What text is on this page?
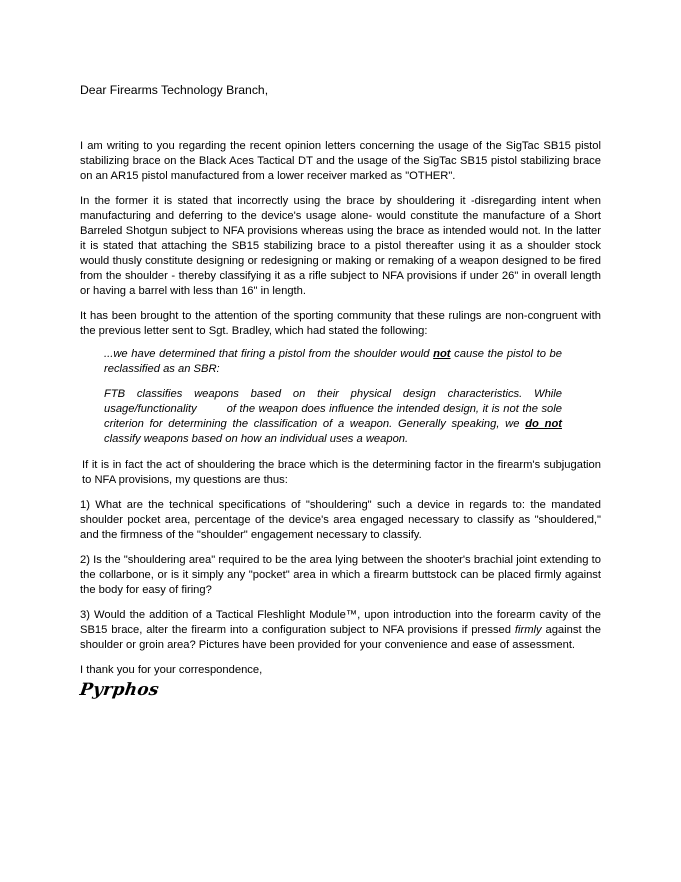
Dear Firearms Technology Branch,

I am writing to you regarding the recent opinion letters concerning the usage of the SigTac SB15 pistol stabilizing brace on the Black Aces Tactical DT and the usage of the SigTac SB15 pistol stabilizing brace on an AR15 pistol manufactured from a lower receiver marked as "OTHER".

In the former it is stated that incorrectly using the brace by shouldering it -disregarding intent when manufacturing and deferring to the device's usage alone- would constitute the manufacture of a Short Barreled Shotgun subject to NFA provisions whereas using the brace as intended would not. In the latter it is stated that attaching the SB15 stabilizing brace to a pistol thereafter using it as a shoulder stock would thusly constitute designing or redesigning or making or remaking of a weapon designed to be fired from the shoulder - thereby classifying it as a rifle subject to NFA provisions if under 26" in overall length or having a barrel with less than 16" in length.

It has been brought to the attention of the sporting community that these rulings are non-congruent with the previous letter sent to Sgt. Bradley, which had stated the following:

...we have determined that firing a pistol from the shoulder would not cause the pistol to be reclassified as an SBR:

FTB classifies weapons based on their physical design characteristics. While usage/functionality	of the weapon does influence the intended design, it is not the sole criterion for determining the classification of a weapon. Generally speaking, we do not classify weapons based on how an individual uses a weapon.

If it is in fact the act of shouldering the brace which is the determining factor in the firearm's subjugation to NFA provisions, my questions are thus:

1) What are the technical specifications of "shouldering" such a device in regards to: the mandated shoulder pocket area, percentage of the device's area engaged necessary to classify as "shouldered," and the firmness of the "shoulder" engagement necessary to classify.

2) Is the "shouldering area" required to be the area lying between the shooter's brachial joint extending to the collarbone, or is it simply any "pocket" area in which a firearm buttstock can be placed firmly against the body for easy of firing?

3) Would the addition of a Tactical Fleshlight Module™, upon introduction into the forearm cavity of the SB15 brace, alter the firearm into a configuration subject to NFA provisions if pressed firmly against the shoulder or groin area? Pictures have been provided for your convenience and ease of assessment.

I thank you for your correspondence,

Pyrphos
